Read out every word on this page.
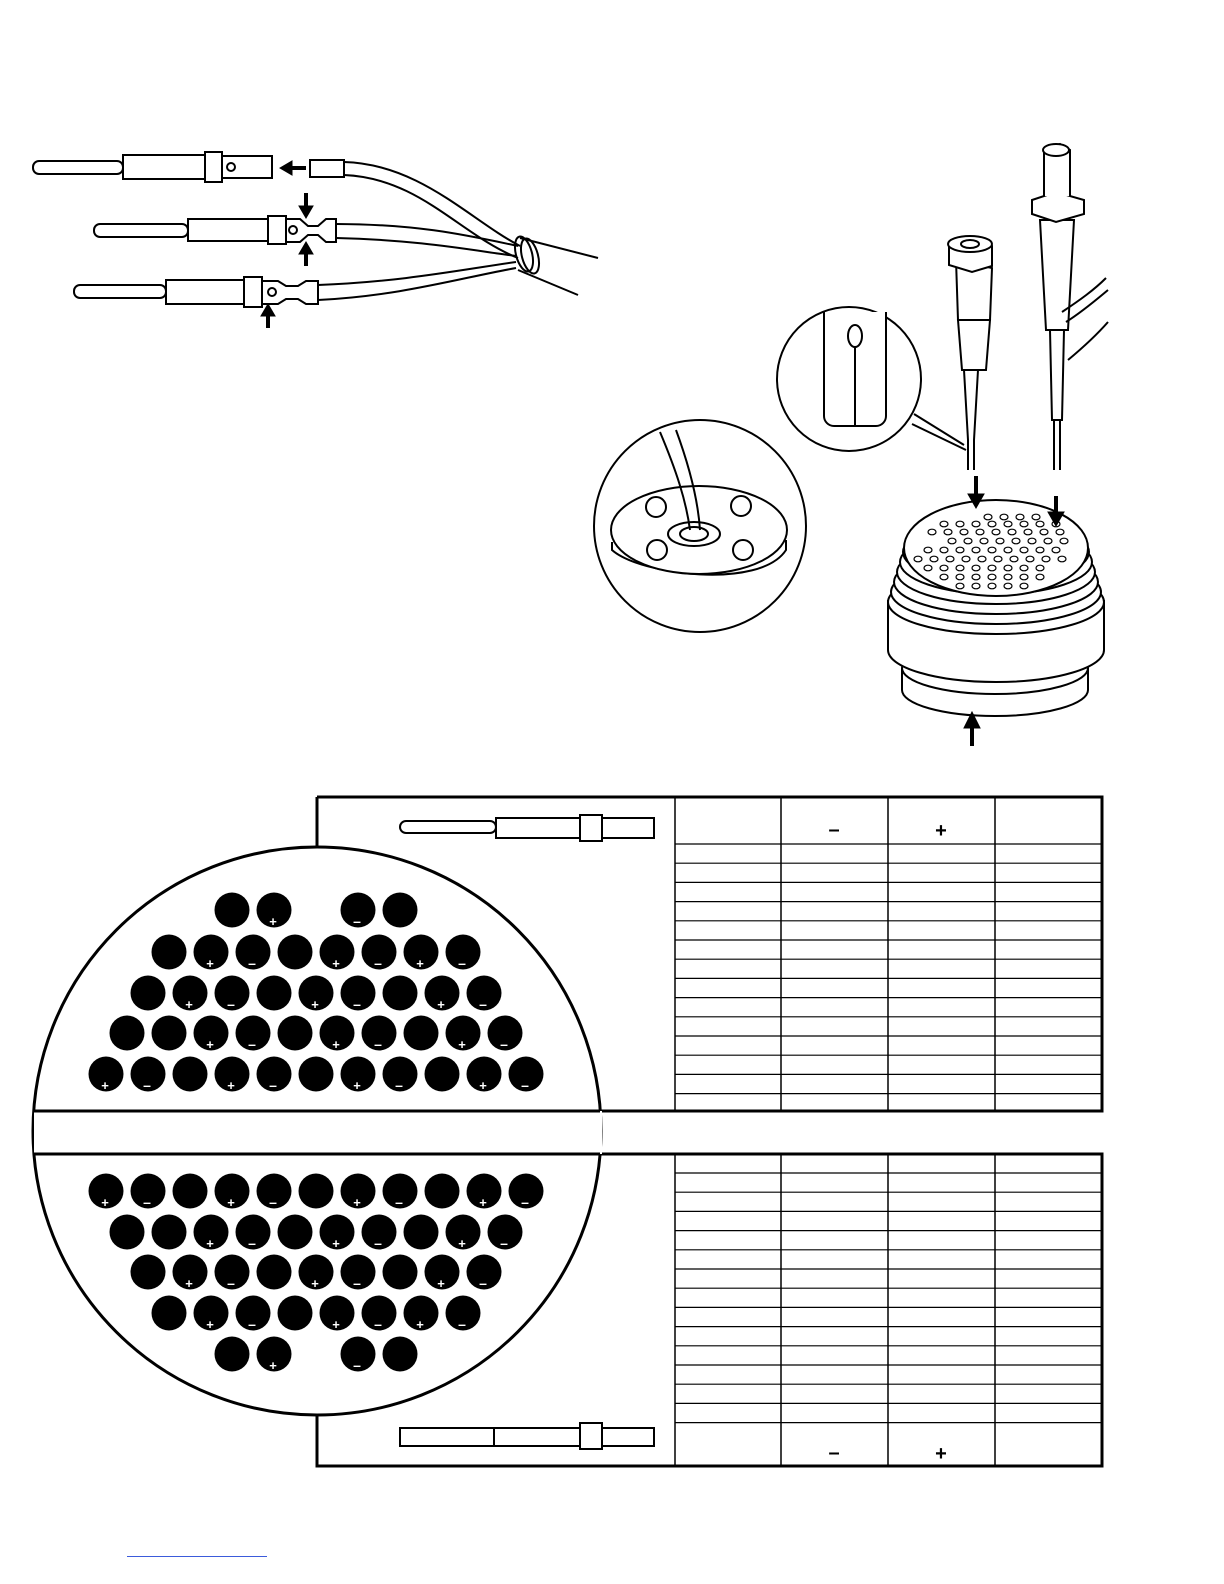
–	+
–	+
+	–
+ –	+ –	+ –
+ –	+ –	+ –
+ –	+ –	+ –
+ –	+ –	+ –	+ –
+ –	+ –	+ –	+ –
+ –	+ –	+ –
+ –	+ –	+ –
+ –	+ –	+ –
+	–
